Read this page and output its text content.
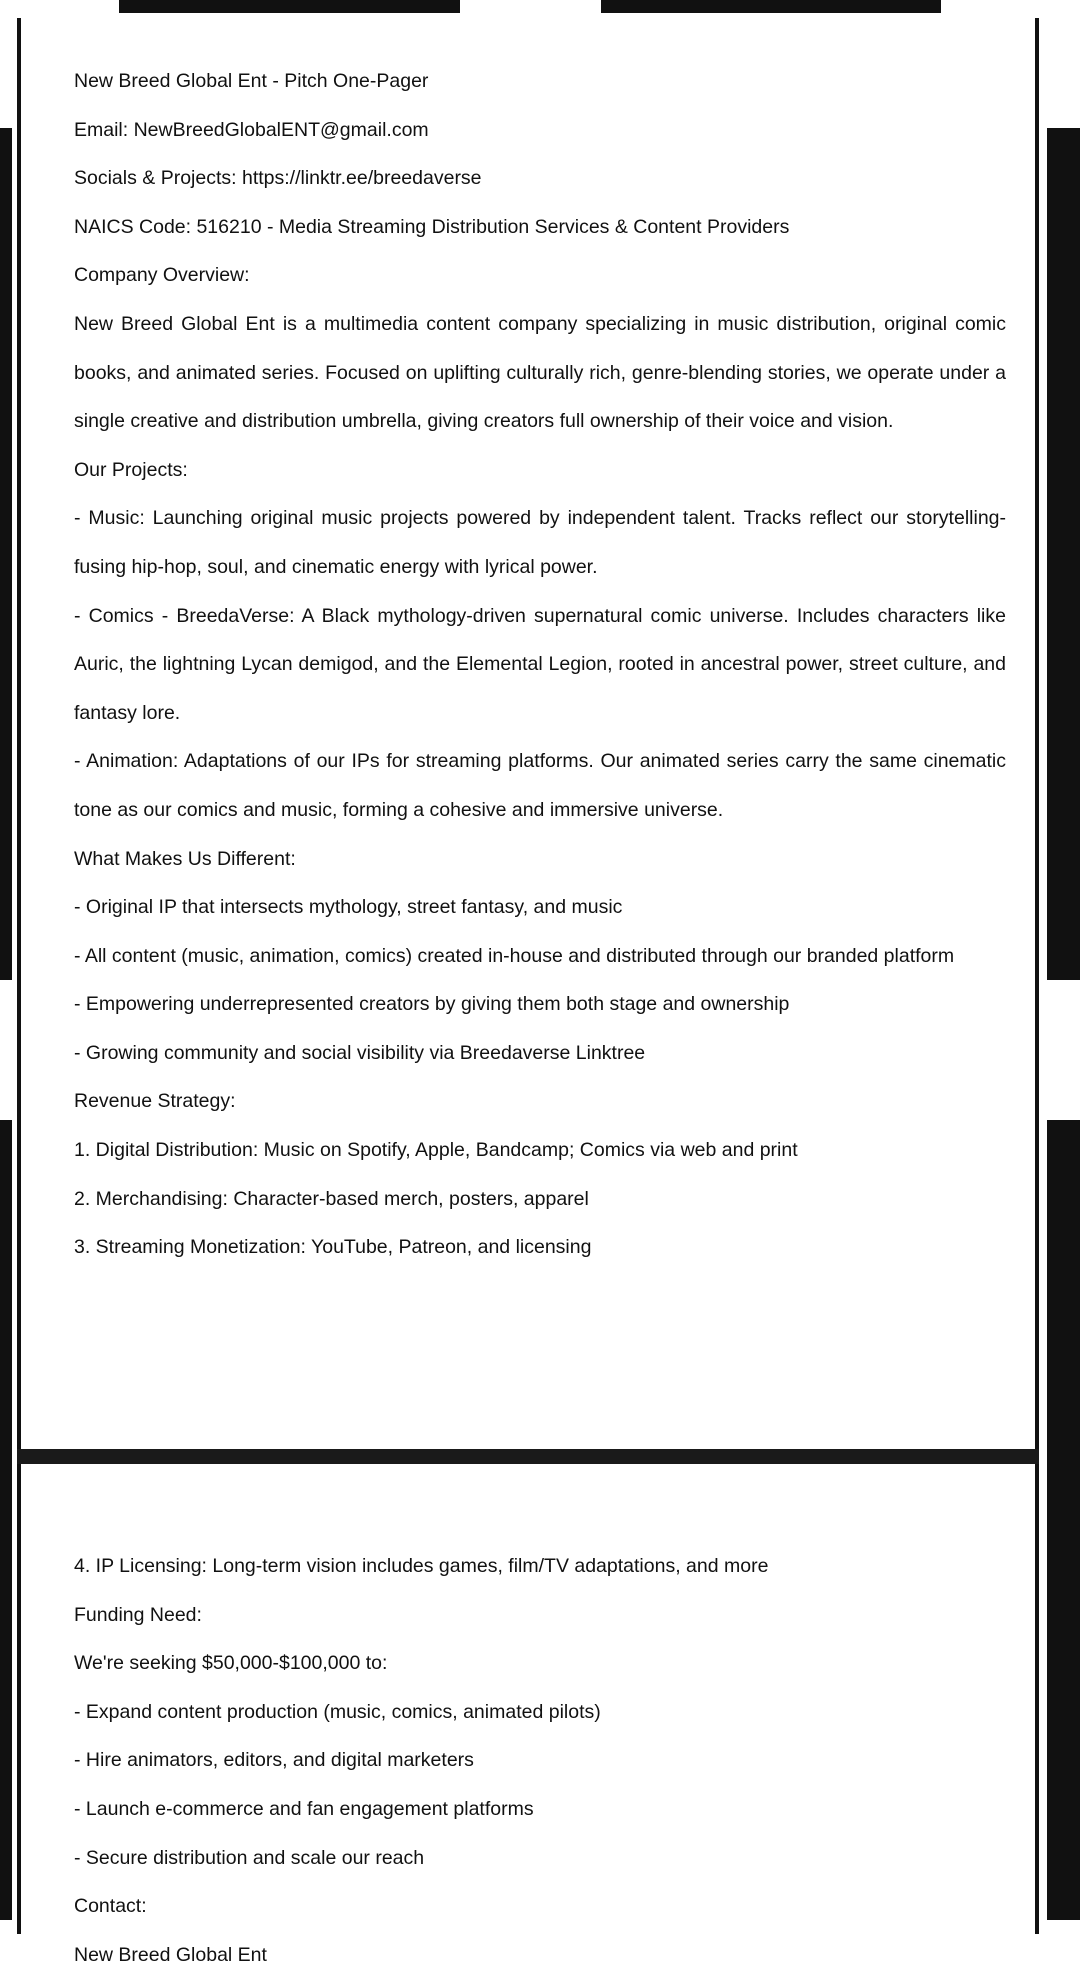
New Breed Global Ent - Pitch One-Pager

Email: NewBreedGlobalENT@gmail.com

Socials & Projects: https://linktr.ee/breedaverse

NAICS Code: 516210 - Media Streaming Distribution Services & Content Providers

Company Overview:

New Breed Global Ent is a multimedia content company specializing in music distribution, original comic books, and animated series. Focused on uplifting culturally rich, genre-blending stories, we operate under a single creative and distribution umbrella, giving creators full ownership of their voice and vision.

Our Projects:

- Music: Launching original music projects powered by independent talent. Tracks reflect our storytelling-fusing hip-hop, soul, and cinematic energy with lyrical power.

- Comics - BreedaVerse: A Black mythology-driven supernatural comic universe. Includes characters like Auric, the lightning Lycan demigod, and the Elemental Legion, rooted in ancestral power, street culture, and fantasy lore.

- Animation: Adaptations of our IPs for streaming platforms. Our animated series carry the same cinematic tone as our comics and music, forming a cohesive and immersive universe.

What Makes Us Different:

- Original IP that intersects mythology, street fantasy, and music

- All content (music, animation, comics) created in-house and distributed through our branded platform

- Empowering underrepresented creators by giving them both stage and ownership

- Growing community and social visibility via Breedaverse Linktree

Revenue Strategy:

1. Digital Distribution: Music on Spotify, Apple, Bandcamp; Comics via web and print

2. Merchandising: Character-based merch, posters, apparel

3. Streaming Monetization: YouTube, Patreon, and licensing

4. IP Licensing: Long-term vision includes games, film/TV adaptations, and more

Funding Need:

We're seeking $50,000-$100,000 to:

- Expand content production (music, comics, animated pilots)

- Hire animators, editors, and digital marketers

- Launch e-commerce and fan engagement platforms

- Secure distribution and scale our reach

Contact:

New Breed Global Ent
